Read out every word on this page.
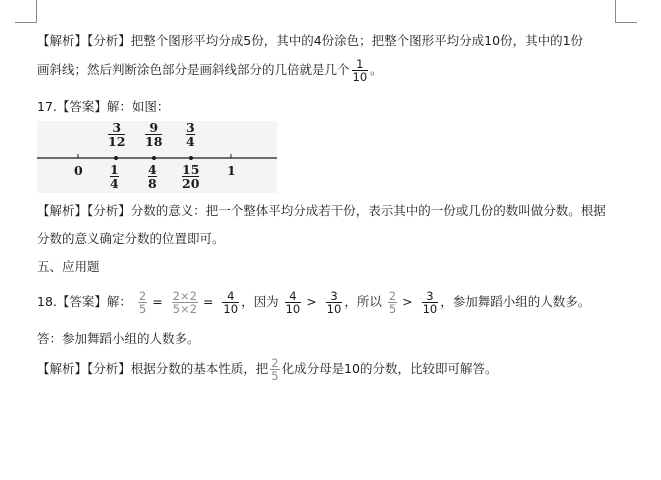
【解析】【分析】把整个图形平均分成5份，其中的4份涂色；把整个图形平均分成10份，其中的1份
画斜线；然后判断涂色部分是画斜线部分的几倍就是几个 $\frac{1}{10}$ 。
17.【答案】解：如图：
3
12
9
18
3
4
0 1
4
4
8
15
20
1
【解析】【分析】分数的意义：把一个整体平均分成若干份，表示其中的一份或几份的数叫做分数。根据
分数的意义确定分数的位置即可。
五、应用题
18.【答案】解： $\frac{2}{5} = \frac{2\times 2}{5\times 2} = \frac{4}{10}$ ，因为 $\frac{4}{10} > \frac{3}{10}$ ，所以 $\frac{2}{5} > \frac{3}{10}$ ，参加舞蹈小组的人数多。
答：参加舞蹈小组的人数多。
【解析】【分析】根据分数的基本性质，把 $\frac{2}{5}$ 化成分母是10的分数，比较即可解答。
